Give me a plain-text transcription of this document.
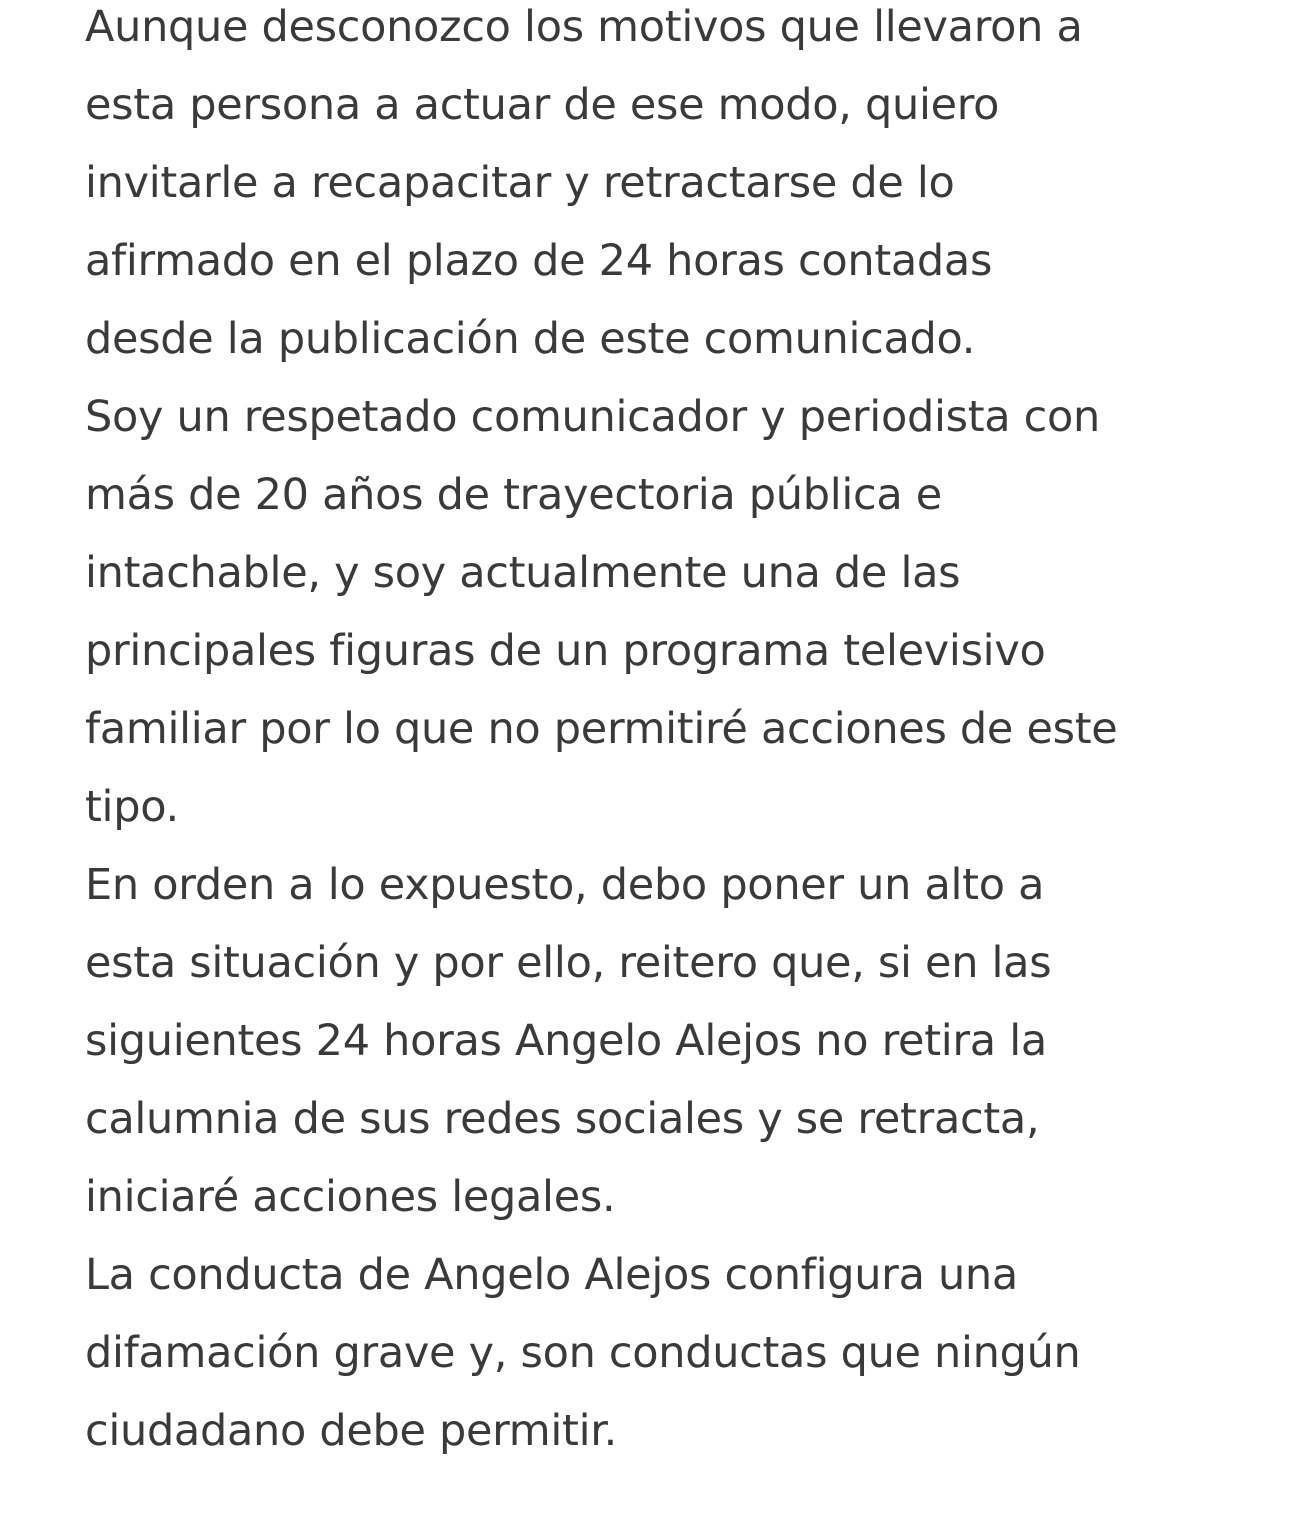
Aunque desconozco los motivos que llevaron a
esta persona a actuar de ese modo, quiero
invitarle a recapacitar y retractarse de lo
afirmado en el plazo de 24 horas contadas
desde la publicación de este comunicado.
Soy un respetado comunicador y periodista con
más de 20 años de trayectoria pública e
intachable, y soy actualmente una de las
principales figuras de un programa televisivo
familiar por lo que no permitiré acciones de este
tipo.
En orden a lo expuesto, debo poner un alto a
esta situación y por ello, reitero que, si en las
siguientes 24 horas Angelo Alejos no retira la
calumnia de sus redes sociales y se retracta,
iniciaré acciones legales.
La conducta de Angelo Alejos configura una
difamación grave y, son conductas que ningún
ciudadano debe permitir.
